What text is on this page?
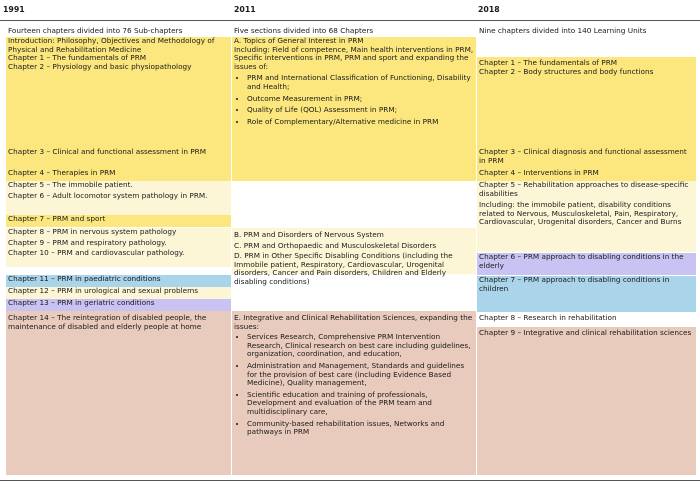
1991	2011	2018
Fourteen chapters divided into 76 Sub-chapters

Introduction: Philosophy, Objectives and Methodology of Physical and Rehabilitation Medicine

Chapter 1 – The fundamentals of PRM

Chapter 2 – Physiology and basic physiopathology

Chapter 3 – Clinical and functional assessment in PRM

Chapter 4 – Therapies in PRM

Chapter 5 – The immobile patient.

Chapter 6 – Adult locomotor system pathology in PRM.

Chapter 7 – PRM and sport

Chapter 8 – PRM in nervous system pathology

Chapter 9 – PRM and respiratory pathology.

Chapter 10 – PRM and cardiovascular pathology.

Chapter 11 – PRM in paediatric conditions
Chapter 12 – PRM in urological and sexual problems
Chapter 13 – PRM in geriatric conditions

Chapter 14 – The reintegration of disabled people, the maintenance of disabled and elderly people at home

Five sections divided into 68 Chapters

A. Topics of General Interest in PRM

Including: Field of competence, Main health interventions in PRM, Specific interventions in PRM, PRM and sport and expanding the issues of:

• PRM and International Classification of Functioning, Disability and Health;
• Outcome Measurement in PRM;
• Quality of Life (QOL) Assessment in PRM;
• Role of Complementary/Alternative medicine in PRM

B. PRM and Disorders of Nervous System

C. PRM and Orthopaedic and Musculoskeletal Disorders

D. PRM in Other Specific Disabling Conditions (including the Immobile patient, Respiratory, Cardiovascular, Urogenital disorders, Cancer and Pain disorders, Children and Elderly disabling conditions)

E. Integrative and Clinical Rehabilitation Sciences, expanding the issues:

• Services Research, Comprehensive PRM Intervention Research, Clinical research on best care including guidelines, organization, coordination, and education,
• Administration and Management, Standards and guidelines for the provision of best care (including Evidence Based Medicine), Quality management,
• Scientific education and training of professionals, Development and evaluation of the PRM team and multidisciplinary care,
• Community-based rehabilitation issues, Networks and pathways in PRM
Nine chapters divided into 140 Learning Units

Chapter 1 – The fundamentals of PRM

Chapter 2 – Body structures and body functions

Chapter 3 – Clinical diagnosis and functional assessment in PRM

Chapter 4 – Interventions in PRM

Chapter 5 – Rehabilitation approaches to disease-specific disabilities

Including: the immobile patient, disability conditions related to Nervous, Musculoskeletal, Pain, Respiratory, Cardiovascular, Urogenital disorders, Cancer and Burns

Chapter 6 – PRM approach to disabling conditions in the elderly
Chapter 7 – PRM approach to disabling conditions in children
Chapter 8 – Research in rehabilitation

Chapter 9 – Integrative and clinical rehabilitation sciences
